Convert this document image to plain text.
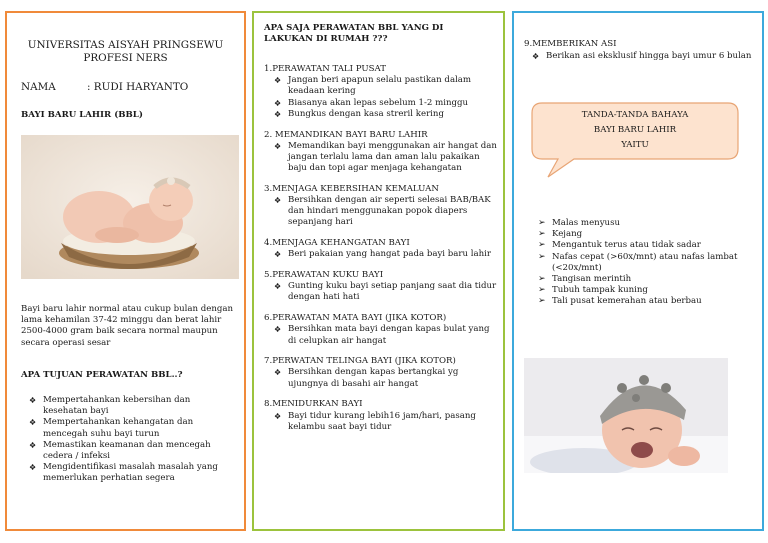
UNIVERSITAS AISYAH PRINGSEWU
PROFESI NERS
NAMA	: RUDI HARYANTO
BAYI BARU LAHIR (BBL)
Bayi baru lahir normal atau cukup bulan dengan lama kehamilan 37-42 minggu dan berat lahir 2500-4000 gram baik secara normal maupun secara operasi sesar
APA TUJUAN PERAWATAN BBL..?
❖ Mempertahankan kebersihan dan kesehatan bayi
❖ Mempertahankan kehangatan dan mencegah suhu bayi turun
❖ Memastikan keamanan dan mencegah cedera / infeksi
❖ Mengidentifikasi masalah masalah yang memerlukan perhatian segera
APA SAJA PERAWATAN BBL YANG DI LAKUKAN DI RUMAH ???
1.PERAWATAN TALI PUSAT
❖ Jangan beri apapun selalu pastikan dalam keadaan kering
❖ Biasanya akan lepas sebelum 1-2 minggu
❖ Bungkus dengan kasa streril kering
2. MEMANDIKAN BAYI BARU LAHIR
❖ Memandikan bayi menggunakan air hangat dan jangan terlalu lama dan aman lalu pakaikan baju dan topi agar menjaga kehangatan
3.MENJAGA KEBERSIHAN KEMALUAN
❖ Bersihkan dengan air seperti selesai BAB/BAK dan hindari menggunakan popok diapers sepanjang hari
4.MENJAGA KEHANGATAN BAYI
❖ Beri pakaian yang hangat pada bayi baru lahir
5.PERAWATAN KUKU BAYI
❖ Gunting kuku bayi setiap panjang saat dia tidur dengan hati hati
6.PERAWATAN MATA BAYI (JIKA KOTOR)
❖ Bersihkan mata bayi dengan kapas bulat yang di celupkan air hangat
7.PERWATAN TELINGA BAYI (JIKA KOTOR)
❖ Bersihkan dengan kapas bertangkai yg ujungnya di basahi air hangat
8.MENIDURKAN BAYI
❖ Bayi tidur kurang lebih16 jam/hari, pasang kelambu saat bayi tidur
9.MEMBERIKAN ASI
❖ Berikan asi eksklusif hingga bayi umur 6 bulan
TANDA-TANDA BAHAYA
BAYI BARU LAHIR
YAITU
➢ Malas menyusu
➢ Kejang
➢ Mengantuk terus atau tidak sadar
➢ Nafas cepat (>60x/mnt) atau nafas lambat (<20x/mnt)
➢ Tangisan merintih
➢ Tubuh tampak kuning
➢ Tali pusat kemerahan atau berbau
